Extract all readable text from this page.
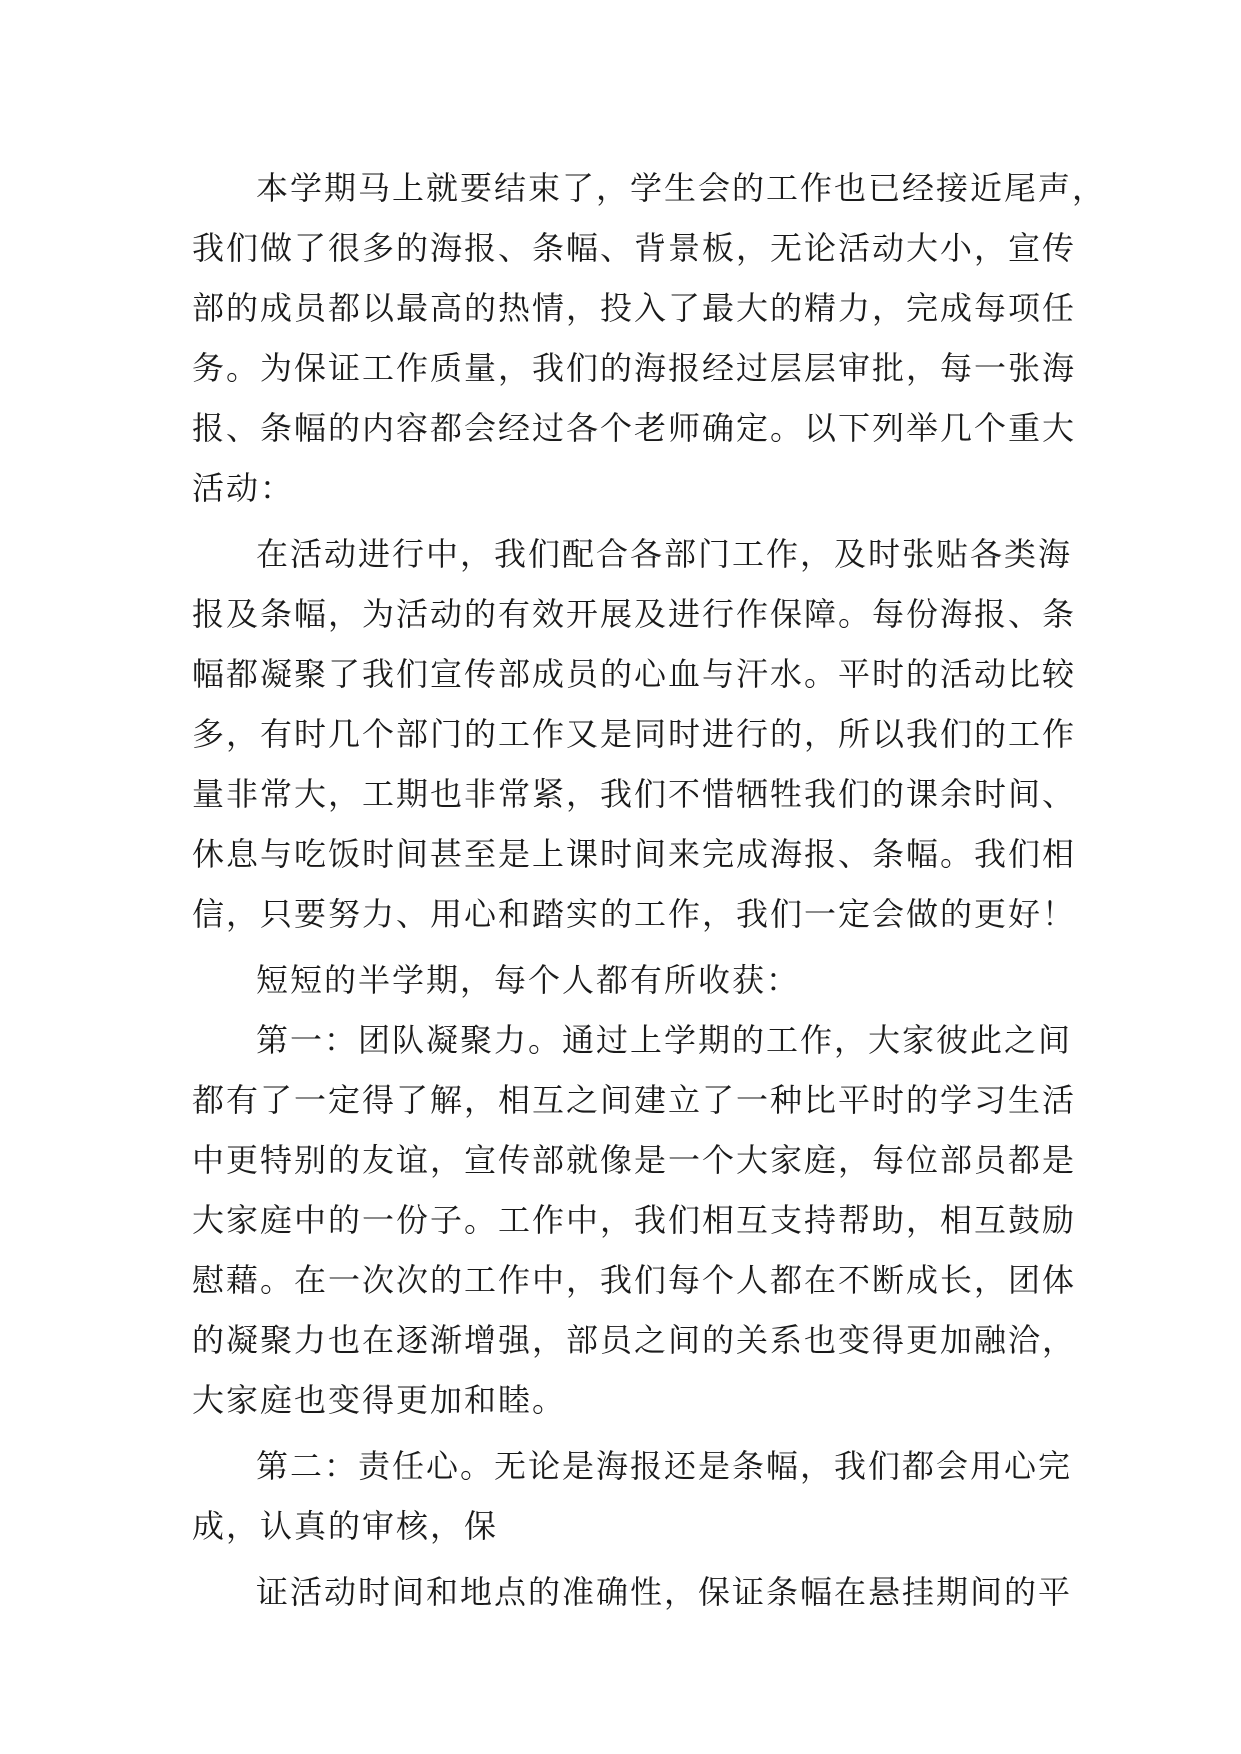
本学期马上就要结束了，学生会的工作也已经接近尾声，
我们做了很多的海报、条幅、背景板，无论活动大小，宣传
部的成员都以最高的热情，投入了最大的精力，完成每项任
务。为保证工作质量，我们的海报经过层层审批，每一张海
报、条幅的内容都会经过各个老师确定。以下列举几个重大
活动：
在活动进行中，我们配合各部门工作，及时张贴各类海
报及条幅，为活动的有效开展及进行作保障。每份海报、条
幅都凝聚了我们宣传部成员的心血与汗水。平时的活动比较
多，有时几个部门的工作又是同时进行的，所以我们的工作
量非常大，工期也非常紧，我们不惜牺牲我们的课余时间、
休息与吃饭时间甚至是上课时间来完成海报、条幅。我们相
信，只要努力、用心和踏实的工作，我们一定会做的更好！
短短的半学期，每个人都有所收获：
第一：团队凝聚力。通过上学期的工作，大家彼此之间
都有了一定得了解，相互之间建立了一种比平时的学习生活
中更特别的友谊，宣传部就像是一个大家庭，每位部员都是
大家庭中的一份子。工作中，我们相互支持帮助，相互鼓励
慰藉。在一次次的工作中，我们每个人都在不断成长，团体
的凝聚力也在逐渐增强，部员之间的关系也变得更加融洽，
大家庭也变得更加和睦。
第二：责任心。无论是海报还是条幅，我们都会用心完
成，认真的审核，保
证活动时间和地点的准确性，保证条幅在悬挂期间的平
